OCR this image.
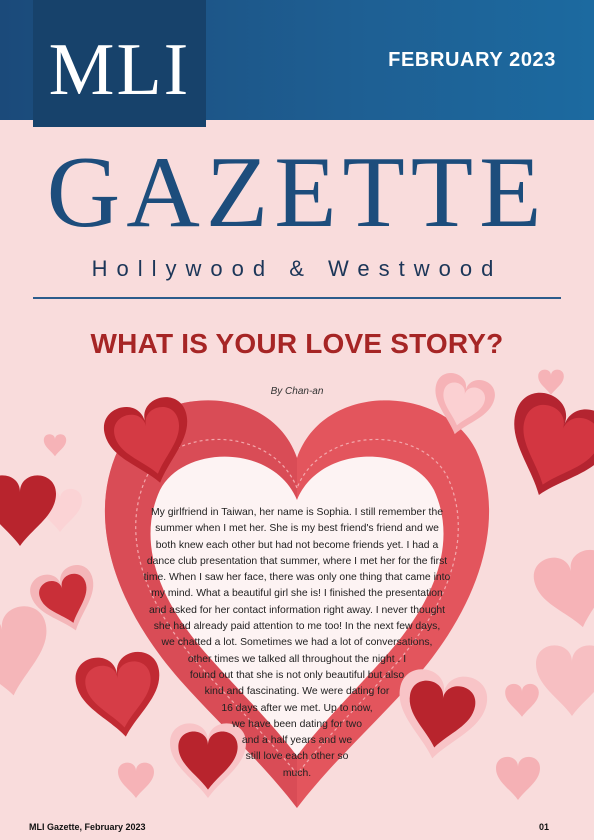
MLI	FEBRUARY 2023
GAZETTE
Hollywood & Westwood
WHAT IS YOUR LOVE STORY?
By Chan-an
My girlfriend in Taiwan, her name is Sophia. I still remember the
summer when I met her. She is my best friend's friend and we
both knew each other but had not become friends yet. I had a
dance club presentation that summer, where I met her for the first
time. When I saw her face, there was only one thing that came into
my mind. What a beautiful girl she is! I finished the presentation
and asked for her contact information right away. I never thought
she had already paid attention to me too! In the next few days,
we chatted a lot. Sometimes we had a lot of conversations,
other times we talked all throughout the night . I
found out that she is not only beautiful but also
kind and fascinating. We were dating for
16 days after we met. Up to now,
we have been dating for two
and a half years and we
still love each other so
much.
MLI Gazette, February 2023	01
